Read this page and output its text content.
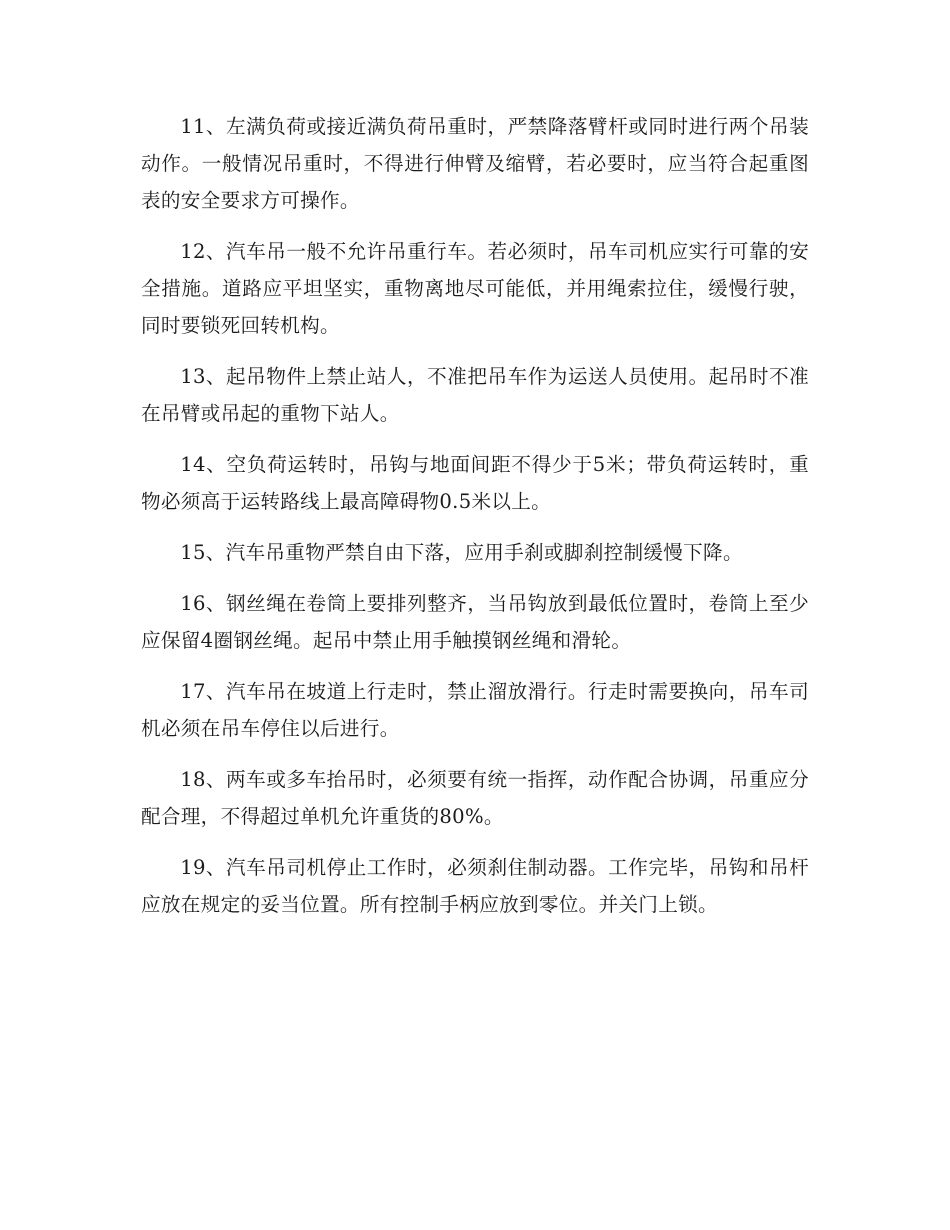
11、左满负荷或接近满负荷吊重时，严禁降落臂杆或同时进行两个吊装动作。一般情况吊重时，不得进行伸臂及缩臂，若必要时，应当符合起重图表的安全要求方可操作。

12、汽车吊一般不允许吊重行车。若必须时，吊车司机应实行可靠的安全措施。道路应平坦坚实，重物离地尽可能低，并用绳索拉住，缓慢行驶，同时要锁死回转机构。

13、起吊物件上禁止站人，不准把吊车作为运送人员使用。起吊时不准在吊臂或吊起的重物下站人。

14、空负荷运转时，吊钩与地面间距不得少于5米；带负荷运转时，重物必须高于运转路线上最高障碍物0.5米以上。

15、汽车吊重物严禁自由下落，应用手刹或脚刹控制缓慢下降。

16、钢丝绳在卷筒上要排列整齐，当吊钩放到最低位置时，卷筒上至少应保留4圈钢丝绳。起吊中禁止用手触摸钢丝绳和滑轮。

17、汽车吊在坡道上行走时，禁止溜放滑行。行走时需要换向，吊车司机必须在吊车停住以后进行。

18、两车或多车抬吊时，必须要有统一指挥，动作配合协调，吊重应分配合理，不得超过单机允许重货的80%。

19、汽车吊司机停止工作时，必须刹住制动器。工作完毕，吊钩和吊杆应放在规定的妥当位置。所有控制手柄应放到零位。并关门上锁。
